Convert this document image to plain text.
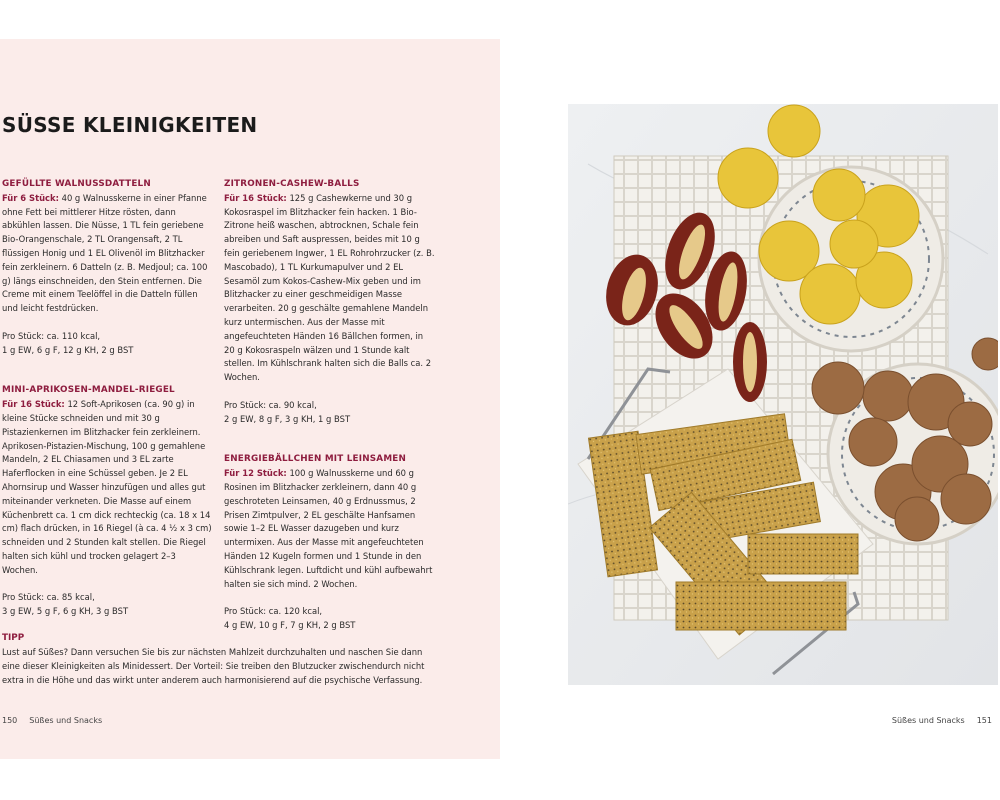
SÜSSE KLEINIGKEITEN
GEFÜLLTE WALNUSSDATTELN

Für 6 Stück: 40 g Walnusskerne in einer Pfanne ohne Fett bei mittlerer Hitze rösten, dann abkühlen lassen. Die Nüsse, 1 TL fein geriebene Bio-Orangenschale, 2 TL Orangensaft, 2 TL flüssigen Honig und 1 EL Olivenöl im Blitzhacker fein zerkleinern. 6 Datteln (z. B. Medjoul; ca. 100 g) längs einschneiden, den Stein entfernen. Die Creme mit einem Teelöffel in die Datteln füllen und leicht festdrücken.

Pro Stück: ca. 110 kcal,

1 g EW, 6 g F, 12 g KH, 2 g BST

MINI-APRIKOSEN-MANDEL-RIEGEL

Für 16 Stück: 12 Soft-Aprikosen (ca. 90 g) in kleine Stücke schneiden und mit 30 g Pistazienkernen im Blitzhacker fein zerkleinern. Aprikosen-Pistazien-Mischung, 100 g gemahlene Mandeln, 2 EL Chiasamen und 3 EL zarte Haferflocken in eine Schüssel geben. Je 2 EL Ahornsirup und Wasser hinzufügen und alles gut miteinander verkneten. Die Masse auf einem Küchenbrett ca. 1 cm dick rechteckig (ca. 18 x 14 cm) flach drücken, in 16 Riegel (à ca. 4 ½ x 3 cm) schneiden und 2 Stunden kalt stellen. Die Riegel halten sich kühl und trocken gelagert 2–3 Wochen.

Pro Stück: ca. 85 kcal,

3 g EW, 5 g F, 6 g KH, 3 g BST

ZITRONEN-CASHEW-BALLS

Für 16 Stück: 125 g Cashewkerne und 30 g Kokosraspel im Blitzhacker fein hacken. 1 Bio-Zitrone heiß waschen, abtrocknen, Schale fein abreiben und Saft auspressen, beides mit 10 g fein geriebenem Ingwer, 1 EL Rohrohrzucker (z. B. Mascobado), 1 TL Kurkumapulver und 2 EL Sesamöl zum Kokos-Cashew-Mix geben und im Blitzhacker zu einer geschmeidigen Masse verarbeiten. 20 g geschälte gemahlene Mandeln kurz untermischen. Aus der Masse mit angefeuchteten Händen 16 Bällchen formen, in 20 g Kokosraspeln wälzen und 1 Stunde kalt stellen. Im Kühlschrank halten sich die Balls ca. 2 Wochen.

Pro Stück: ca. 90 kcal,

2 g EW, 8 g F, 3 g KH, 1 g BST

ENERGIEBÄLLCHEN MIT LEINSAMEN

Für 12 Stück: 100 g Walnusskerne und 60 g Rosinen im Blitzhacker zerkleinern, dann 40 g geschroteten Leinsamen, 40 g Erdnussmus, 2 Prisen Zimtpulver, 2 EL geschälte Hanfsamen sowie 1–2 EL Wasser dazugeben und kurz untermixen. Aus der Masse mit angefeuchteten Händen 12 Kugeln formen und 1 Stunde in den Kühlschrank legen. Luftdicht und kühl aufbewahrt halten sie sich mind. 2 Wochen.

Pro Stück: ca. 120 kcal,

4 g EW, 10 g F, 7 g KH, 2 g BST

TIPP

Lust auf Süßes? Dann versuchen Sie bis zur nächsten Mahlzeit durchzuhalten und naschen Sie dann eine dieser Kleinigkeiten als Minidessert. Der Vorteil: Sie treiben den Blutzucker zwischendurch nicht extra in die Höhe und das wirkt unter anderem auch harmonisierend auf die psychische Verfassung.

150 Süßes und Snacks	Süßes und Snacks 151
